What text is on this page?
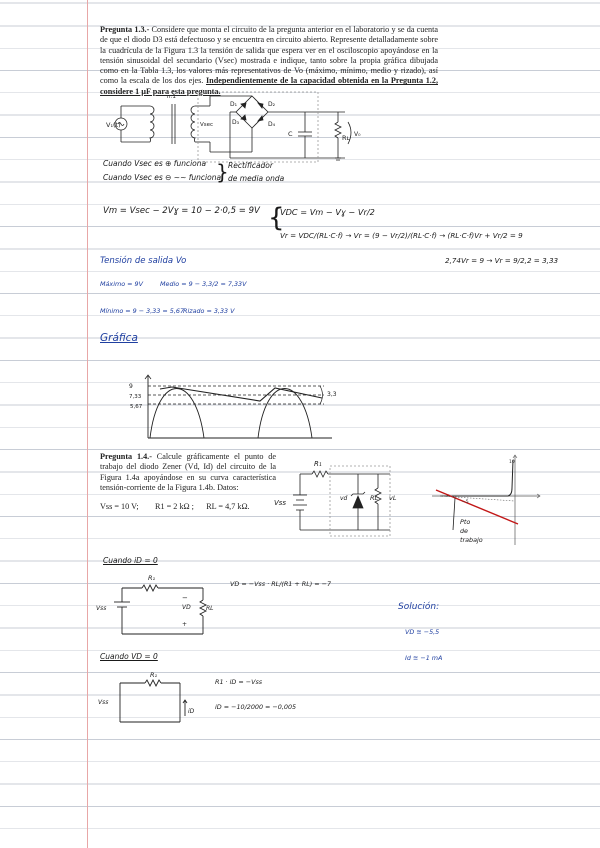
Pregunta 1.3.- Considere que monta el circuito de la pregunta anterior en el laboratorio y se da cuenta de que el diodo D3 está defectuoso y se encuentra en circuito abierto. Represente detalladamente sobre la cuadrícula de la Figura 1.3 la tensión de salida que espera ver en el osciloscopio apoyándose en la tensión sinusoidal del secundario (Vsec) mostrada e indique, tanto sobre la propia gráfica dibujada como en la Tabla 1.3, los valores más representativos de Vo (máximo, mínimo, medio y rizado), así como la escala de los dos ejes. Independientemente de la capacidad obtenida en la Pregunta 1.2, considere 1 µF para esta pregunta.
V₁(t)
n:1
Vsec
D₁	D₂
D₃	D₄
C	Rʟ V₀
Cuando Vsec es ⊕ funciona
Cuando Vsec es ⊖ ~~ funciona
} Rectificador
de media onda
Vm = Vsec − 2Vɣ = 10 − 2·0,5 = 9V {
VDC = Vm − Vɣ − Vr/2
Vr = VDC/(RL·C·f) → Vr = (9 − Vr/2)/(RL·C·f) → (RL·C·f)Vr + Vr/2 = 9
2,74Vr = 9 → Vr = 9/2,2 = 3,33
Tensión de salida Vo
Máximo = 9V	Medio = 9 − 3,3/2 = 7,33V
Mínimo = 9 − 3,33 = 5,67
Rizado = 3,33 V
Gráfica
9
7,33
5,67
3,3
Pregunta 1.4.- Calcule gráficamente el punto de trabajo del diodo Zener (Vd, Id) del circuito de la Figura 1.4a apoyándose en su curva característica tensión-corriente de la Figura 1.4b. Datos:
Vss = 10 V;        R1 = 2 kΩ ;      RL = 4,7 kΩ.
R₁
Vss
vd	RL vL
10
−5
Pto
de
trabajo
Cuando iD = 0
R₁
Vss
−
VD
+
RL
VD = −Vss · RL/(R1 + RL) = −7
Solución:
VD ≅ −5,5
Id ≅ −1 mA
Cuando VD = 0
R₁
Vss
iD
R1 · iD = −Vss
iD = −10/2000 = −0,005
